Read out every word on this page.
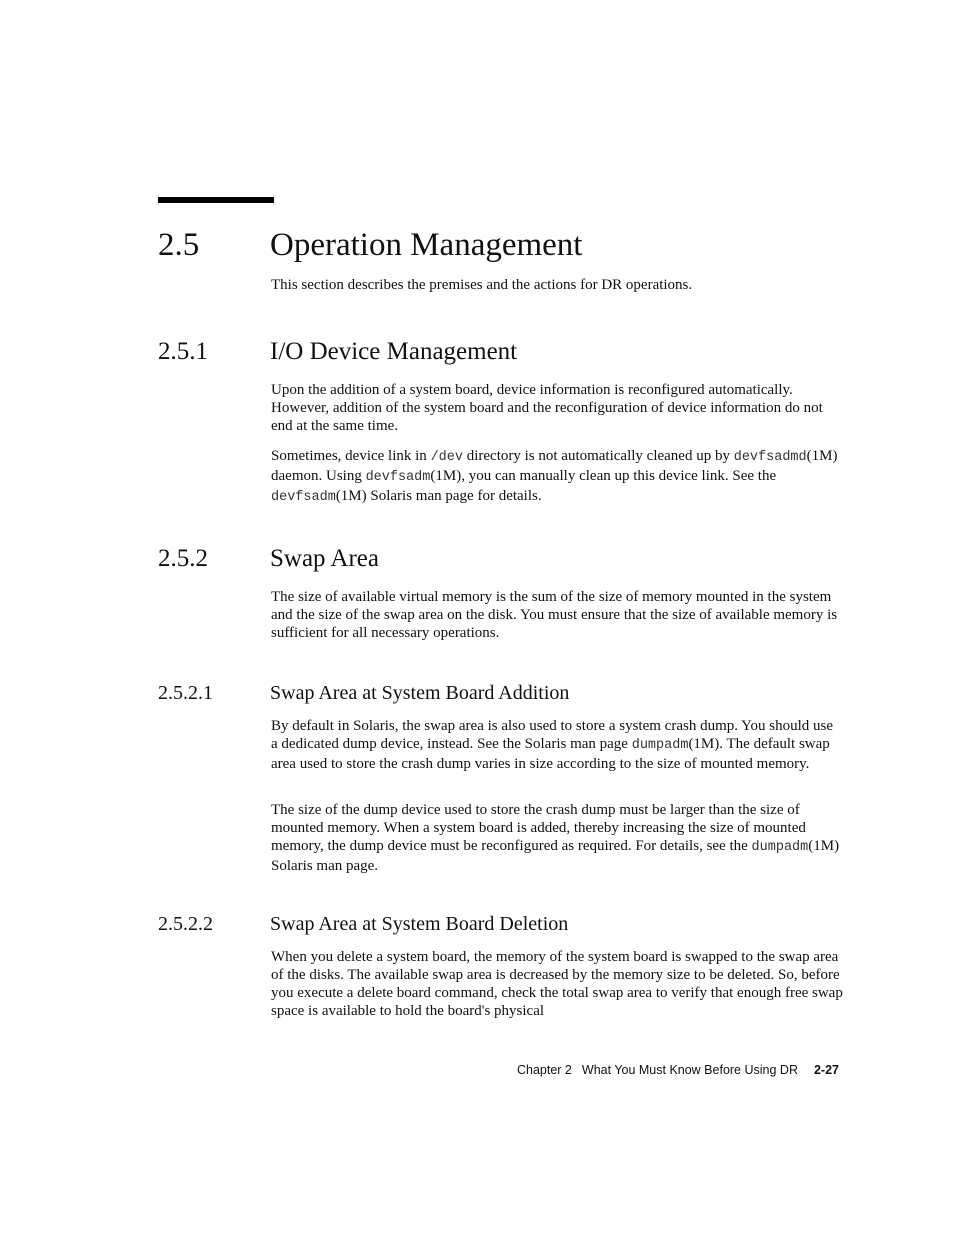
2.5 Operation Management

This section describes the premises and the actions for DR operations.

2.5.1 I/O Device Management

Upon the addition of a system board, device information is reconfigured automatically. However, addition of the system board and the reconfiguration of device information do not end at the same time.

Sometimes, device link in /dev directory is not automatically cleaned up by devfsadmd(1M) daemon. Using devfsadm(1M), you can manually clean up this device link. See the devfsadm(1M) Solaris man page for details.

2.5.2 Swap Area

The size of available virtual memory is the sum of the size of memory mounted in the system and the size of the swap area on the disk. You must ensure that the size of available memory is sufficient for all necessary operations.

2.5.2.1	Swap Area at System Board Addition

By default in Solaris, the swap area is also used to store a system crash dump. You should use a dedicated dump device, instead. See the Solaris man page dumpadm(1M). The default swap area used to store the crash dump varies in size according to the size of mounted memory.

The size of the dump device used to store the crash dump must be larger than the size of mounted memory. When a system board is added, thereby increasing the size of mounted memory, the dump device must be reconfigured as required. For details, see the dumpadm(1M) Solaris man page.

2.5.2.2	Swap Area at System Board Deletion

When you delete a system board, the memory of the system board is swapped to the swap area of the disks. The available swap area is decreased by the memory size to be deleted. So, before you execute a delete board command, check the total swap area to verify that enough free swap space is available to hold the board's physical

Chapter 2 What You Must Know Before Using DR 2-27
